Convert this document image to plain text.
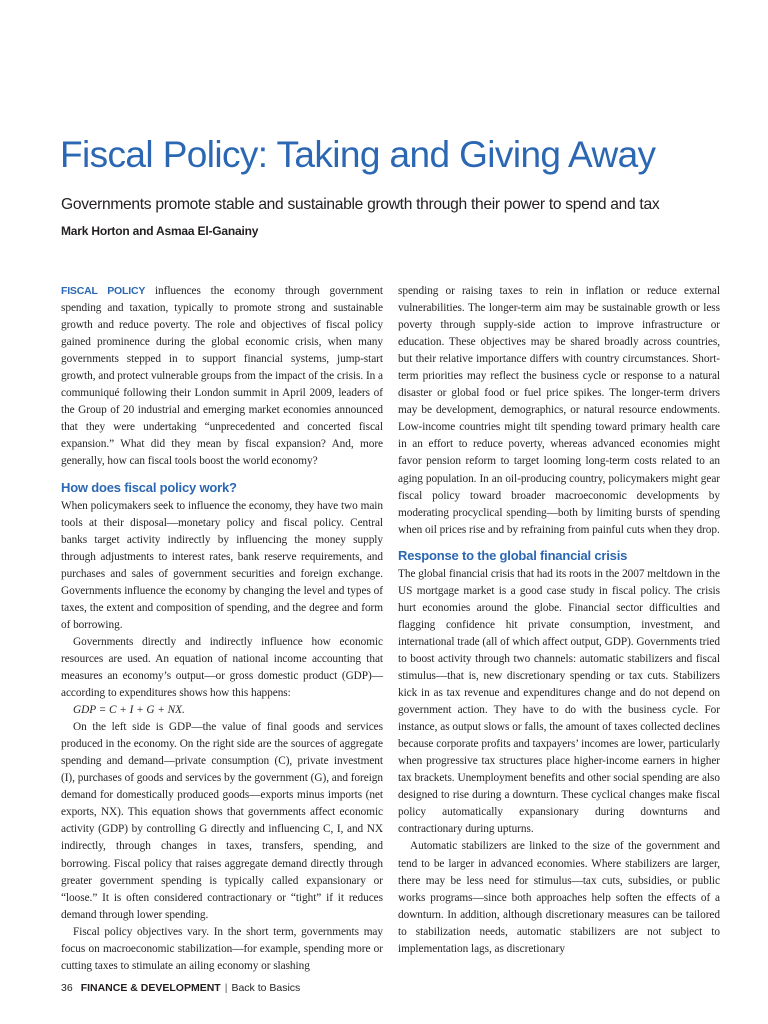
Fiscal Policy: Taking and Giving Away
Governments promote stable and sustainable growth through their power to spend and tax
Mark Horton and Asmaa El-Ganainy

FISCAL POLICY influences the economy through government spending and taxation, typically to promote strong and sustainable growth and reduce poverty. The role and objectives of fiscal policy gained prominence during the global economic crisis, when many governments stepped in to support financial systems, jump-start growth, and protect vulnerable groups from the impact of the crisis. In a communiqué following their London summit in April 2009, leaders of the Group of 20 industrial and emerging market economies announced that they were undertaking “unprecedented and concerted fiscal expansion.” What did they mean by fiscal expansion? And, more generally, how can fiscal tools boost the world economy?

How does fiscal policy work?

When policymakers seek to influence the economy, they have two main tools at their disposal—monetary policy and fiscal policy. Central banks target activity indirectly by influencing the money supply through adjustments to interest rates, bank reserve requirements, and purchases and sales of government securities and foreign exchange. Governments influence the economy by changing the level and types of taxes, the extent and composition of spending, and the degree and form of borrowing.

Governments directly and indirectly influence how economic resources are used. An equation of national income accounting that measures an economy’s output—or gross domestic product (GDP)—according to expenditures shows how this happens:

GDP = C + I + G + NX.

On the left side is GDP—the value of final goods and services produced in the economy. On the right side are the sources of aggregate spending and demand—private consumption (C), private investment (I), purchases of goods and services by the government (G), and foreign demand for domestically produced goods—exports minus imports (net exports, NX). This equation shows that governments affect economic activity (GDP) by controlling G directly and influencing C, I, and NX indirectly, through changes in taxes, transfers, spending, and borrowing. Fiscal policy that raises aggregate demand directly through greater government spending is typically called expansionary or “loose.” It is often considered contractionary or “tight” if it reduces demand through lower spending.

Fiscal policy objectives vary. In the short term, governments may focus on macroeconomic stabilization—for example, spending more or cutting taxes to stimulate an ailing economy or slashing

spending or raising taxes to rein in inflation or reduce external vulnerabilities. The longer-term aim may be sustainable growth or less poverty through supply-side action to improve infrastructure or education. These objectives may be shared broadly across countries, but their relative importance differs with country circumstances. Short-term priorities may reflect the business cycle or response to a natural disaster or global food or fuel price spikes. The longer-term drivers may be development, demographics, or natural resource endowments. Low-income countries might tilt spending toward primary health care in an effort to reduce poverty, whereas advanced economies might favor pension reform to target looming long-term costs related to an aging population. In an oil-producing country, policymakers might gear fiscal policy toward broader macroeconomic developments by moderating procyclical spending—both by limiting bursts of spending when oil prices rise and by refraining from painful cuts when they drop.

Response to the global financial crisis

The global financial crisis that had its roots in the 2007 meltdown in the US mortgage market is a good case study in fiscal policy. The crisis hurt economies around the globe. Financial sector difficulties and flagging confidence hit private consumption, investment, and international trade (all of which affect output, GDP). Governments tried to boost activity through two channels: automatic stabilizers and fiscal stimulus—that is, new discretionary spending or tax cuts. Stabilizers kick in as tax revenue and expenditures change and do not depend on government action. They have to do with the business cycle. For instance, as output slows or falls, the amount of taxes collected declines because corporate profits and taxpayers’ incomes are lower, particularly when progressive tax structures place higher-income earners in higher tax brackets. Unemployment benefits and other social spending are also designed to rise during a downturn. These cyclical changes make fiscal policy automatically expansionary during downturns and contractionary during upturns.

Automatic stabilizers are linked to the size of the government and tend to be larger in advanced economies. Where stabilizers are larger, there may be less need for stimulus—tax cuts, subsidies, or public works programs—since both approaches help soften the effects of a downturn. In addition, although discretionary measures can be tailored to stabilization needs, automatic stabilizers are not subject to implementation lags, as discretionary

36 FINANCE & DEVELOPMENT | Back to Basics
